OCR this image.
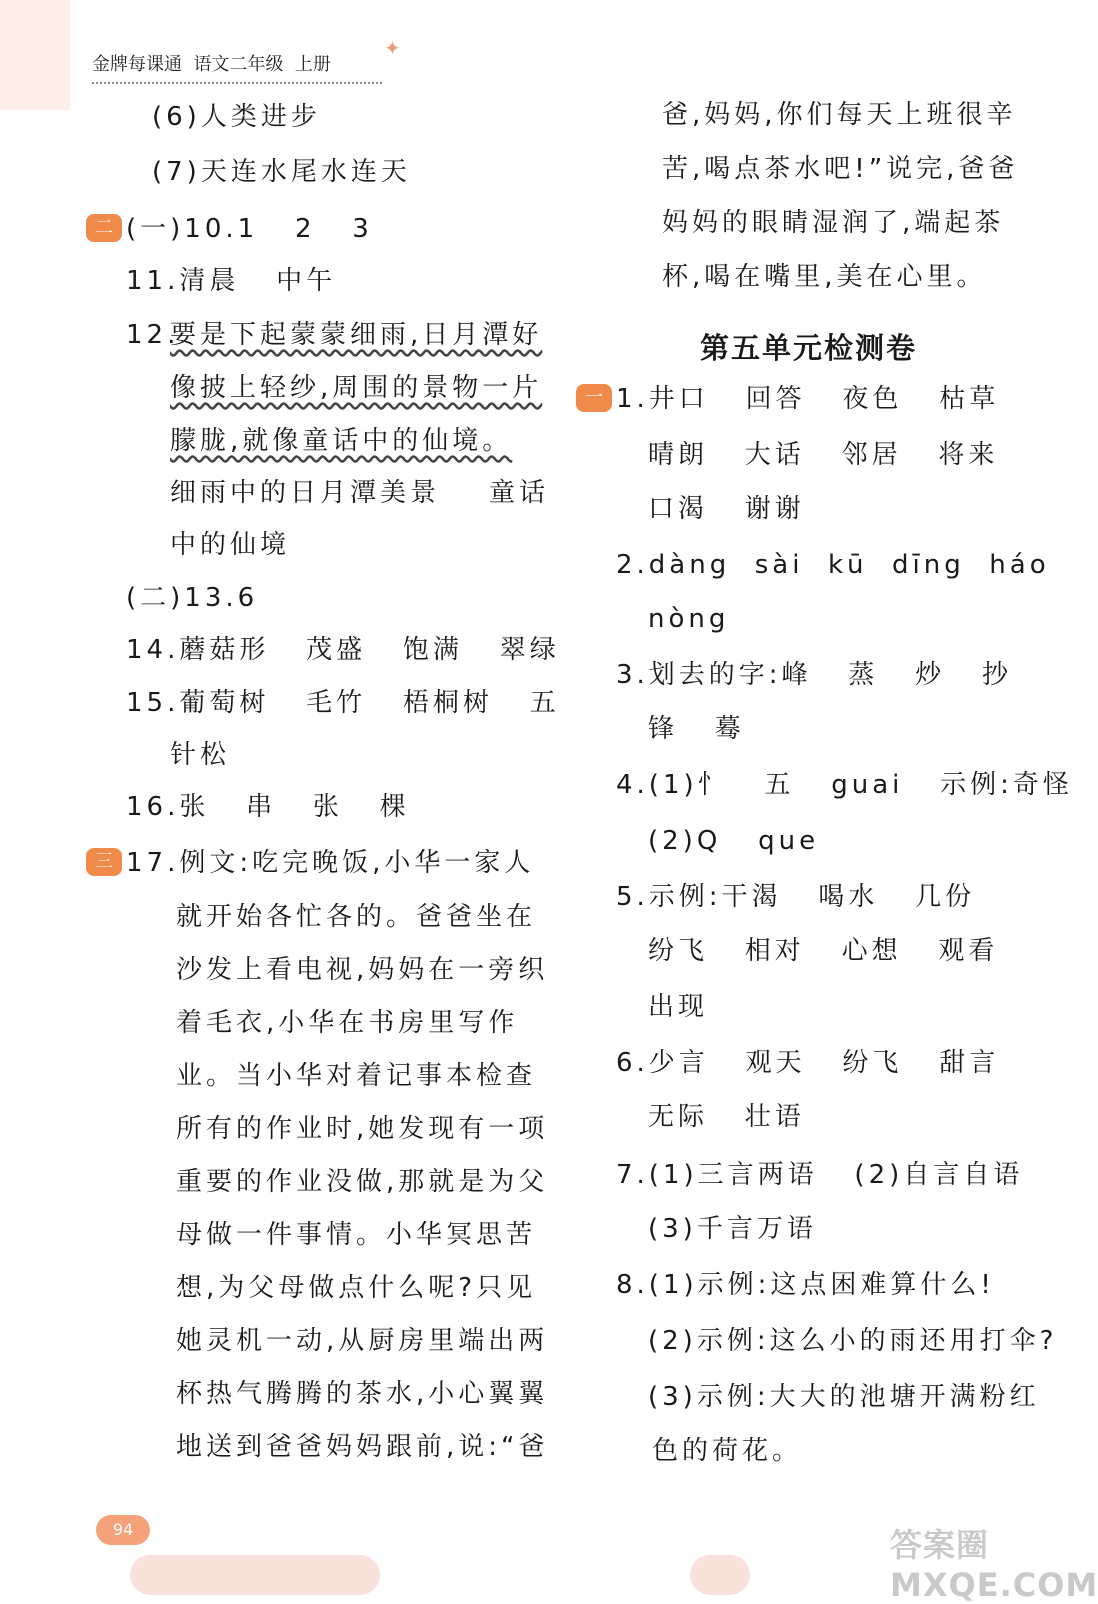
金牌每课通  语文二年级  上册
✦
(6)人类进步
(7)天连水尾水连天
二 (一)10.1   2   3
11.清晨   中午
12.
要是下起蒙蒙细雨,日月潭好
像披上轻纱,周围的景物一片
朦胧,就像童话中的仙境。
细雨中的日月潭美景    童话
中的仙境
(二)13.6
14.蘑菇形   茂盛   饱满   翠绿
15.葡萄树   毛竹   梧桐树   五
针松
16.张   串   张   棵
三 17.例文:吃完晚饭,小华一家人
就开始各忙各的。爸爸坐在
沙发上看电视,妈妈在一旁织
着毛衣,小华在书房里写作
业。当小华对着记事本检查
所有的作业时,她发现有一项
重要的作业没做,那就是为父
母做一件事情。小华冥思苦
想,为父母做点什么呢?只见
她灵机一动,从厨房里端出两
杯热气腾腾的茶水,小心翼翼
地送到爸爸妈妈跟前,说:“爸
爸,妈妈,你们每天上班很辛
苦,喝点茶水吧!”说完,爸爸
妈妈的眼睛湿润了,端起茶
杯,喝在嘴里,美在心里。
第五单元检测卷
一 1.井口   回答   夜色   枯草
晴朗   大话   邻居   将来
口渴   谢谢
2.dàng  sài  kū  dīng  háo
nòng
3.划去的字:峰   蒸   炒   抄
锋   蓦
4.(1)忄   五   guai   示例:奇怪
(2)Q   que
5.示例:干渴   喝水   几份
纷飞   相对   心想   观看
出现
6.少言   观天   纷飞   甜言
无际   壮语
7.(1)三言两语   (2)自言自语
(3)千言万语
8.(1)示例:这点困难算什么!
(2)示例:这么小的雨还用打伞?
(3)示例:大大的池塘开满粉红
色的荷花。
94	答案圈
MXQE.COM
